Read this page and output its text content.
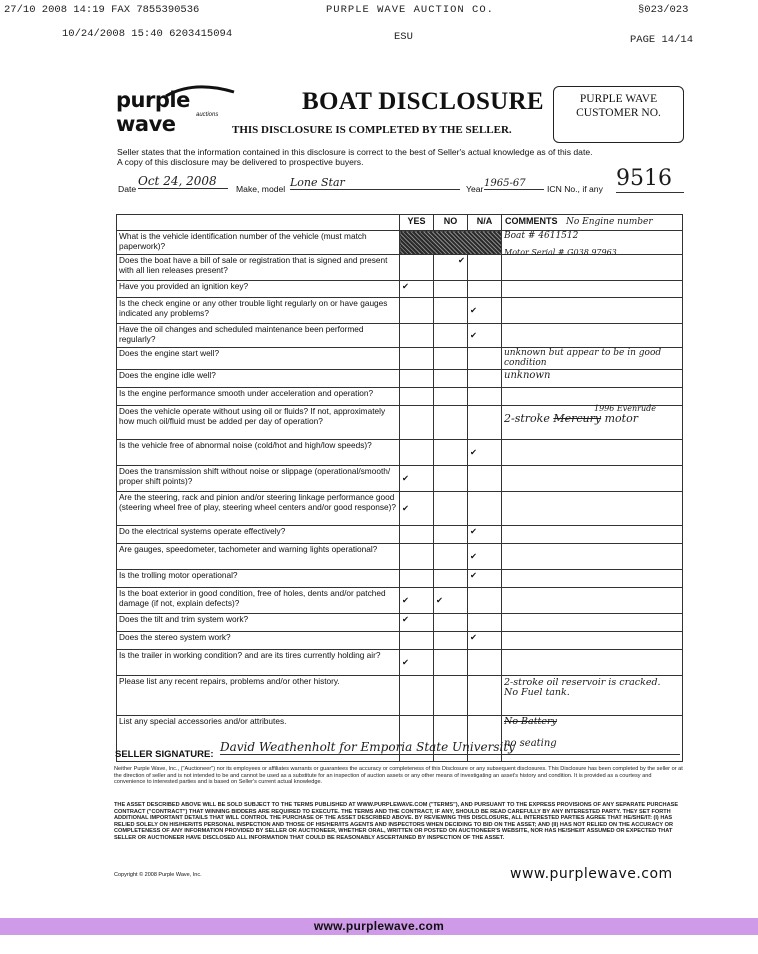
27/10 2008 14:19 FAX 7855390536	PURPLE WAVE AUCTION CO.	§023/023
10/24/2008 15:40 6203415094	ESU	PAGE 14/14
purple wave	auctions	BOAT DISCLOSURE	PURPLE WAVE
CUSTOMER NO.
THIS DISCLOSURE IS COMPLETED BY THE SELLER.
Seller states that the information contained in this disclosure is correct to the best of Seller's actual knowledge as of this date.
A copy of this disclosure may be delivered to prospective buyers.
Date
Oct 24, 2008
Make, model Lone Star	Year 1965-67	ICN No., if any 9516
	YES	NO	N/A	COMMENTS No Engine number
What is the vehicle identification number of the vehicle (must match paperwork)?				Boat # 4611512

Does the boat have a bill of sale or registration that is signed and present with all lien releases present?		✔		Motor Serial # G038 97963

Have you provided an ignition key?	✔			
Is the check engine or any other trouble light regularly on or have gauges indicated any problems?			✔	
Have the oil changes and scheduled maintenance been performed regularly?			✔	
Does the engine start well?				unknown but appear to be in good condition
Does the engine idle well?				unknown
Is the engine performance smooth under acceleration and operation?				
Does the vehicle operate without using oil or fluids? If not, approximately how much oil/fluid must be added per day of operation?				1996 Evenrude
2-stroke Mercury motor

Is the vehicle free of abnormal noise (cold/hot and high/low speeds)?			✔	
Does the transmission shift without noise or slippage (operational/smooth/ proper shift points)?	✔			
Are the steering, rack and pinion and/or steering linkage performance good (steering wheel free of play, steering wheel centers and/or good response)?	✔			
Do the electrical systems operate effectively?			✔	
Are gauges, speedometer, tachometer and warning lights operational?			✔	
Is the trolling motor operational?			✔	
Is the boat exterior in good condition, free of holes, dents and/or patched damage (if not, explain defects)?	✔	✔		
Does the tilt and trim system work?	✔			
Does the stereo system work?			✔	
Is the trailer in working condition? and are its tires currently holding air?	✔			
Please list any recent repairs, problems and/or other history.				2-stroke oil reservoir is cracked.
No Fuel tank.

List any special accessories and/or attributes.				No Battery
no seating
SELLER SIGNATURE:
David Weathenholt for Emporia State University
Neither Purple Wave, Inc., ("Auctioneer") nor its employees or affiliates warrants or guarantees the accuracy or completeness of this Disclosure or any subsequent disclosures. This Disclosure has been completed by the seller or at the direction of seller and is not intended to be and cannot be used as a substitute for an inspection of auction assets or any other means of investigating an asset's history and condition. It is provided as a courtesy and convenience to interested parties and is based on Seller's current actual knowledge.
THE ASSET DESCRIBED ABOVE WILL BE SOLD SUBJECT TO THE TERMS PUBLISHED AT WWW.PURPLEWAVE.COM ("TERMS"), AND PURSUANT TO THE EXPRESS PROVISIONS OF ANY SEPARATE PURCHASE CONTRACT ("CONTRACT") THAT WINNING BIDDERS ARE REQUIRED TO EXECUTE. THE TERMS AND THE CONTRACT, IF ANY, SHOULD BE READ CAREFULLY BY ANY INTERESTED PARTY. THEY SET FORTH ADDITIONAL IMPORTANT DETAILS THAT WILL CONTROL THE PURCHASE OF THE ASSET DESCRIBED ABOVE. BY REVIEWING THIS DISCLOSURE, ALL INTERESTED PARTIES AGREE THAT HE/SHE/IT: (I) HAS RELIED SOLELY ON HIS/HER/ITS PERSONAL INSPECTION AND THOSE OF HIS/HER/ITS AGENTS AND INSPECTORS WHEN DECIDING TO BID ON THE ASSET; AND (II) HAS NOT RELIED ON THE ACCURACY OR COMPLETENESS OF ANY INFORMATION PROVIDED BY SELLER OR AUCTIONEER, WHETHER ORAL, WRITTEN OR POSTED ON AUCTIONEER'S WEBSITE, NOR HAS HE/SHE/IT ASSUMED OR EXPECTED THAT SELLER OR AUCTIONEER HAVE DISCLOSED ALL INFORMATION THAT COULD BE REASONABLY ASCERTAINED BY INSPECTION OF THE ASSET.
Copyright © 2008 Purple Wave, Inc.	www.purplewave.com
www.purplewave.com
